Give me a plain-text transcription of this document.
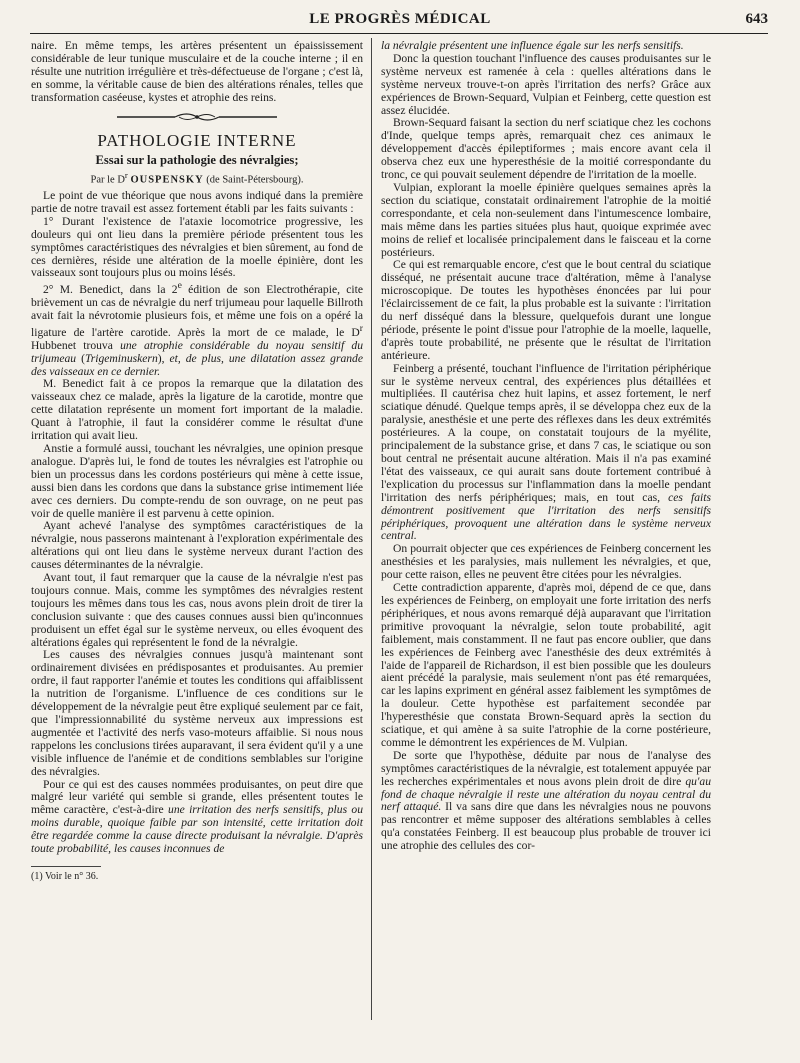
LE PROGRÈS MÉDICAL	643

naire. En même temps, les artères présentent un épaississement considérable de leur tunique musculaire et de la couche interne ; il en résulte une nutrition irrégulière et très-défectueuse de l'organe ; c'est là, en somme, la véritable cause de bien des altérations rénales, telles que transformation caséeuse, kystes et atrophie des reins.

PATHOLOGIE INTERNE
Essai sur la pathologie des névralgies;
Par le $D^r$ OUSPENSKY (de Saint-Pétersbourg).

Le point de vue théorique que nous avons indiqué dans la première partie de notre travail est assez fortement établi par les faits suivants :

1° Durant l'existence de l'ataxie locomotrice progressive, les douleurs qui ont lieu dans la première période présentent tous les symptômes caractéristiques des névralgies et bien sûrement, au fond de ces dernières, réside une altération de la moelle épinière, dont les vaisseaux sont toujours plus ou moins lésés.

2° M. Benedict, dans la 2e édition de son Electrothérapie, cite brièvement un cas de névralgie du nerf trijumeau pour laquelle Billroth avait fait la névrotomie plusieurs fois, et même une fois on a opéré la ligature de l'artère carotide. Après la mort de ce malade, le $D^r$ Hubbenet trouva une atrophie considérable du noyau sensitif du trijumeau (Trigeminuskern), et, de plus, une dilatation assez grande des vaisseaux en ce dernier.

M. Benedict fait à ce propos la remarque que la dilatation des vaisseaux chez ce malade, après la ligature de la carotide, montre que cette dilatation représente un moment fort important de la maladie. Quant à l'atrophie, il faut la considérer comme le résultat d'une irritation qui avait lieu.

Anstie a formulé aussi, touchant les névralgies, une opinion presque analogue. D'après lui, le fond de toutes les névralgies est l'atrophie ou bien un processus dans les cordons postérieurs qui mène à cette issue, aussi bien dans les cordons que dans la substance grise intimement liée avec ces derniers. Du compte-rendu de son ouvrage, on ne peut pas voir de quelle manière il est parvenu à cette opinion.

Ayant achevé l'analyse des symptômes caractéristiques de la névralgie, nous passerons maintenant à l'exploration expérimentale des altérations qui ont lieu dans le système nerveux durant l'action des causes déterminantes de la névralgie.

Avant tout, il faut remarquer que la cause de la névralgie n'est pas toujours connue. Mais, comme les symptômes des névralgies restent toujours les mêmes dans tous les cas, nous avons plein droit de tirer la conclusion suivante : que des causes connues aussi bien qu'inconnues produisent un effet égal sur le système nerveux, ou elles évoquent des altérations égales qui représentent le fond de la névralgie.

Les causes des névralgies connues jusqu'à maintenant sont ordinairement divisées en prédisposantes et produisantes. Au premier ordre, il faut rapporter l'anémie et toutes les conditions qui affaiblissent la nutrition de l'organisme. L'influence de ces conditions sur le développement de la névralgie peut être expliqué seulement par ce fait, que l'impressionnabilité du système nerveux aux impressions est augmentée et l'activité des nerfs vaso-moteurs affaiblie. Si nous nous rappelons les conclusions tirées auparavant, il sera évident qu'il y a une visible influence de l'anémie et de conditions semblables sur l'origine des névralgies.

Pour ce qui est des causes nommées produisantes, on peut dire que malgré leur variété qui semble si grande, elles présentent toutes le même caractère, c'est-à-dire une irritation des nerfs sensitifs, plus ou moins durable, quoique faible par son intensité, cette irritation doit être regardée comme la cause directe produisant la névralgie. D'après toute probabilité, les causes inconnues de

(1) Voir le n° 36.

la névralgie présentent une influence égale sur les nerfs sensitifs.

Donc la question touchant l'influence des causes produisantes sur le système nerveux est ramenée à cela : quelles altérations dans le système nerveux trouve-t-on après l'irritation des nerfs? Grâce aux expériences de Brown-Sequard, Vulpian et Feinberg, cette question est assez élucidée.

Brown-Sequard faisant la section du nerf sciatique chez les cochons d'Inde, quelque temps après, remarquait chez ces animaux le développement d'accès épileptiformes ; mais encore avant cela il observa chez eux une hyperesthésie de la moitié correspondante du tronc, ce qui pouvait seulement dépendre de l'irritation de la moelle.

Vulpian, explorant la moelle épinière quelques semaines après la section du sciatique, constatait ordinairement l'atrophie de la moitié correspondante, et cela non-seulement dans l'intumescence lombaire, mais même dans les parties situées plus haut, quoique exprimée avec moins de relief et localisée principalement dans le faisceau et la corne postérieurs.

Ce qui est remarquable encore, c'est que le bout central du sciatique disséqué, ne présentait aucune trace d'altération, même à l'analyse microscopique. De toutes les hypothèses énoncées par lui pour l'éclaircissement de ce fait, la plus probable est la suivante : l'irritation du nerf disséqué dans la blessure, quelquefois durant une longue période, présente le point d'issue pour l'atrophie de la moelle, laquelle, d'après toute probabilité, ne présente que le résultat de l'irritation antérieure.

Feinberg a présenté, touchant l'influence de l'irritation périphérique sur le système nerveux central, des expériences plus détaillées et multipliées. Il cautérisa chez huit lapins, et assez fortement, le nerf sciatique dénudé. Quelque temps après, il se développa chez eux de la paralysie, anesthésie et une perte des réflexes dans les deux extrémités postérieures. A la coupe, on constatait toujours de la myélite, principalement de la substance grise, et dans 7 cas, le sciatique ou son bout central ne présentait aucune altération. Mais il n'a pas examiné l'état des vaisseaux, ce qui aurait sans doute fortement contribué à l'explication du processus sur l'inflammation dans la moelle pendant l'irritation des nerfs périphériques; mais, en tout cas, ces faits démontrent positivement que l'irritation des nerfs sensitifs périphériques, provoquent une altération dans le système nerveux central.

On pourrait objecter que ces expériences de Feinberg concernent les anesthésies et les paralysies, mais nullement les névralgies, et que, pour cette raison, elles ne peuvent être citées pour les névralgies.

Cette contradiction apparente, d'après moi, dépend de ce que, dans les expériences de Feinberg, on employait une forte irritation des nerfs périphériques, et nous avons remarqué déjà auparavant que l'irritation primitive provoquant la névralgie, selon toute probabilité, agit faiblement, mais constamment. Il ne faut pas encore oublier, que dans les expériences de Feinberg avec l'anesthésie des deux extrémités à l'aide de l'appareil de Richardson, il est bien possible que les douleurs aient précédé la paralysie, mais seulement n'ont pas été remarquées, car les lapins expriment en général assez faiblement les symptômes de la douleur. Cette hypothèse est parfaitement secondée par l'hyperesthésie que constata Brown-Sequard après la section du sciatique, et qui amène à sa suite l'atrophie de la corne postérieure, comme le démontrent les expériences de M. Vulpian.

De sorte que l'hypothèse, déduite par nous de l'analyse des symptômes caractéristiques de la névralgie, est totalement appuyée par les recherches expérimentales et nous avons plein droit de dire qu'au fond de chaque névralgie il reste une altération du noyau central du nerf attaqué. Il va sans dire que dans les névralgies nous ne pouvons pas rencontrer et même supposer des altérations semblables à celles qu'a constatées Feinberg. Il est beaucoup plus probable de trouver ici une atrophie des cellules des cor-
